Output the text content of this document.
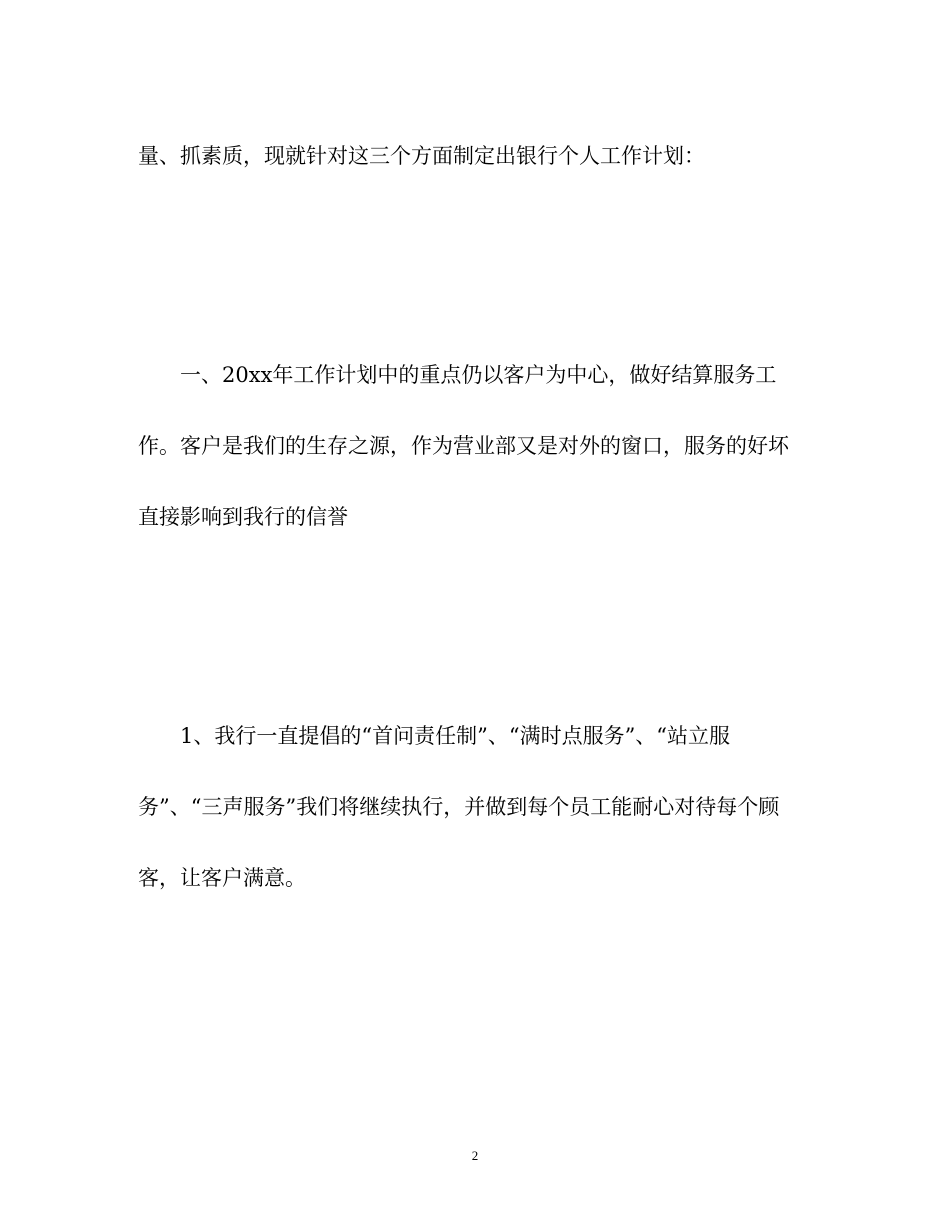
量、抓素质，现就针对这三个方面制定出银行个人工作计划：
一、20xx年工作计划中的重点仍以客户为中心，做好结算服务工
作。客户是我们的生存之源，作为营业部又是对外的窗口，服务的好坏
直接影响到我行的信誉
1、我行一直提倡的“首问责任制”、“满时点服务”、“站立服
务”、“三声服务”我们将继续执行，并做到每个员工能耐心对待每个顾
客，让客户满意。
2
